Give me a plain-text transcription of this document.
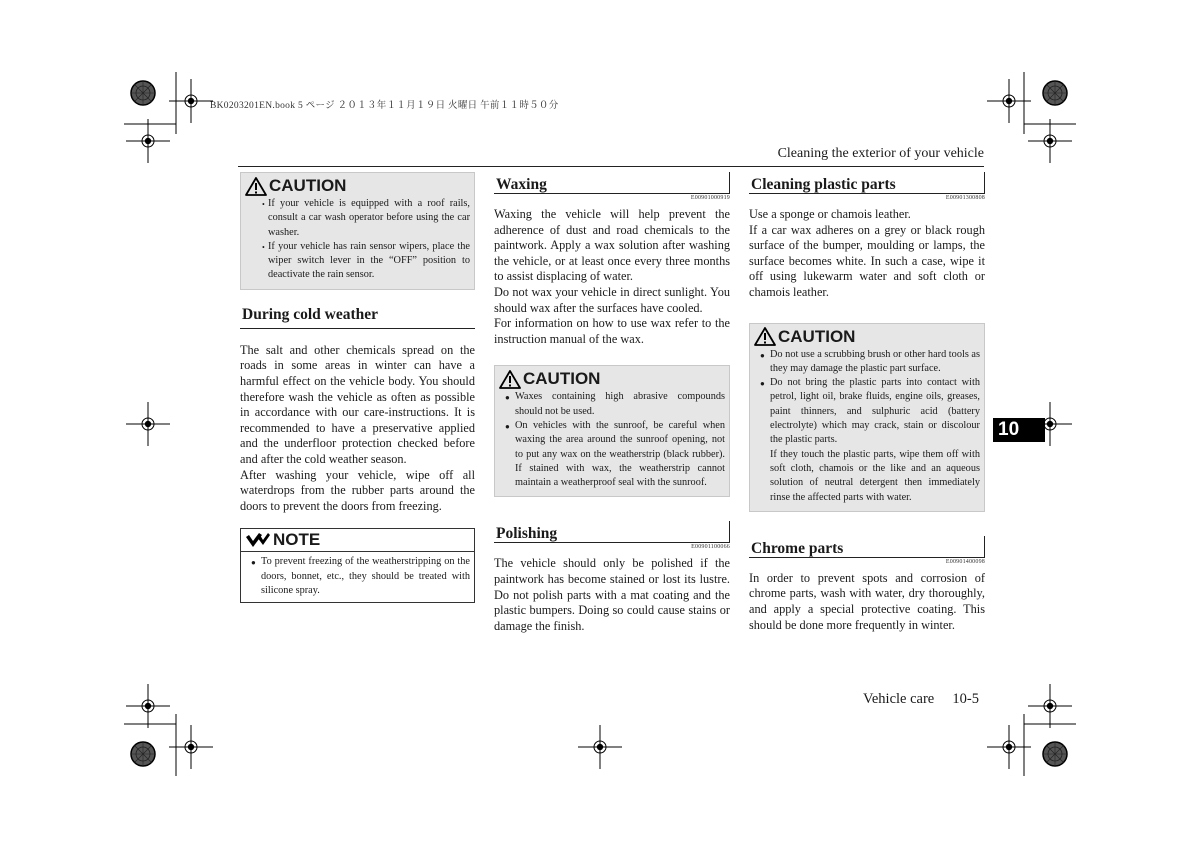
BK0203201EN.book 5 ページ ２０１３年１１月１９日 火曜日 午前１１時５０分
Cleaning the exterior of your vehicle
CAUTION
• If your vehicle is equipped with a roof rails, consult a car wash operator before using the car washer.
• If your vehicle has rain sensor wipers, place the wiper switch lever in the “OFF” position to deactivate the rain sensor.
During cold weather

The salt and other chemicals spread on the roads in some areas in winter can have a harmful effect on the vehicle body. You should therefore wash the vehicle as often as possible in accordance with our care-instructions. It is recommended to have a preservative applied and the underfloor protection checked before and after the cold weather season.

After washing your vehicle, wipe off all waterdrops from the rubber parts around the doors to prevent the doors from freezing.

NOTE
● To prevent freezing of the weatherstripping on the doors, bonnet, etc., they should be treated with silicone spray.
Waxing
E00901000919

Waxing the vehicle will help prevent the adherence of dust and road chemicals to the paintwork. Apply a wax solution after washing the vehicle, or at least once every three months to assist displacing of water.

Do not wax your vehicle in direct sunlight. You should wax after the surfaces have cooled.

For information on how to use wax refer to the instruction manual of the wax.

CAUTION
● Waxes containing high abrasive compounds should not be used.
● On vehicles with the sunroof, be careful when waxing the area around the sunroof opening, not to put any wax on the weatherstrip (black rubber). If stained with wax, the weatherstrip cannot maintain a weatherproof seal with the sunroof.
Polishing
E00901100066

The vehicle should only be polished if the paintwork has become stained or lost its lustre. Do not polish parts with a mat coating and the plastic bumpers. Doing so could cause stains or damage the finish.

Cleaning plastic parts
E00901300808

Use a sponge or chamois leather.

If a car wax adheres on a grey or black rough surface of the bumper, moulding or lamps, the surface becomes white. In such a case, wipe it off using lukewarm water and soft cloth or chamois leather.

CAUTION
● Do not use a scrubbing brush or other hard tools as they may damage the plastic part surface.
● Do not bring the plastic parts into contact with petrol, light oil, brake fluids, engine oils, greases, paint thinners, and sulphuric acid (battery electrolyte) which may crack, stain or discolour the plastic parts.
If they touch the plastic parts, wipe them off with soft cloth, chamois or the like and an aqueous solution of neutral detergent then immediately rinse the affected parts with water.
Chrome parts
E00901400098

In order to prevent spots and corrosion of chrome parts, wash with water, dry thoroughly, and apply a special protective coating. This should be done more frequently in winter.

10
Vehicle care 10-5
